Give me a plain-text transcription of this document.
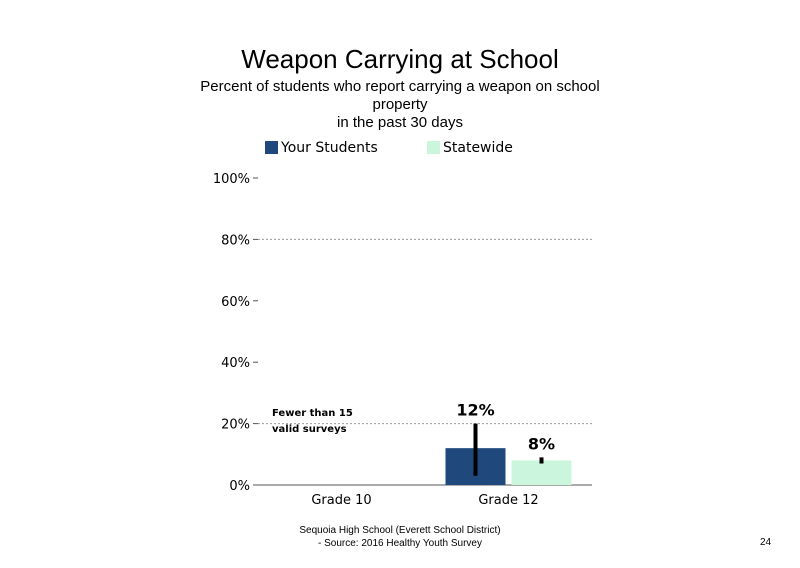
Weapon Carrying at School
Percent of students who report carrying a weapon on school
property
in the past 30 days
Your Students	Statewide
0%
20%
40%
60%
80%
100%
Grade 10	Grade 12
12%
8%
Fewer than 15
valid surveys
Sequoia High School (Everett School District)
- Source: 2016 Healthy Youth Survey	24
